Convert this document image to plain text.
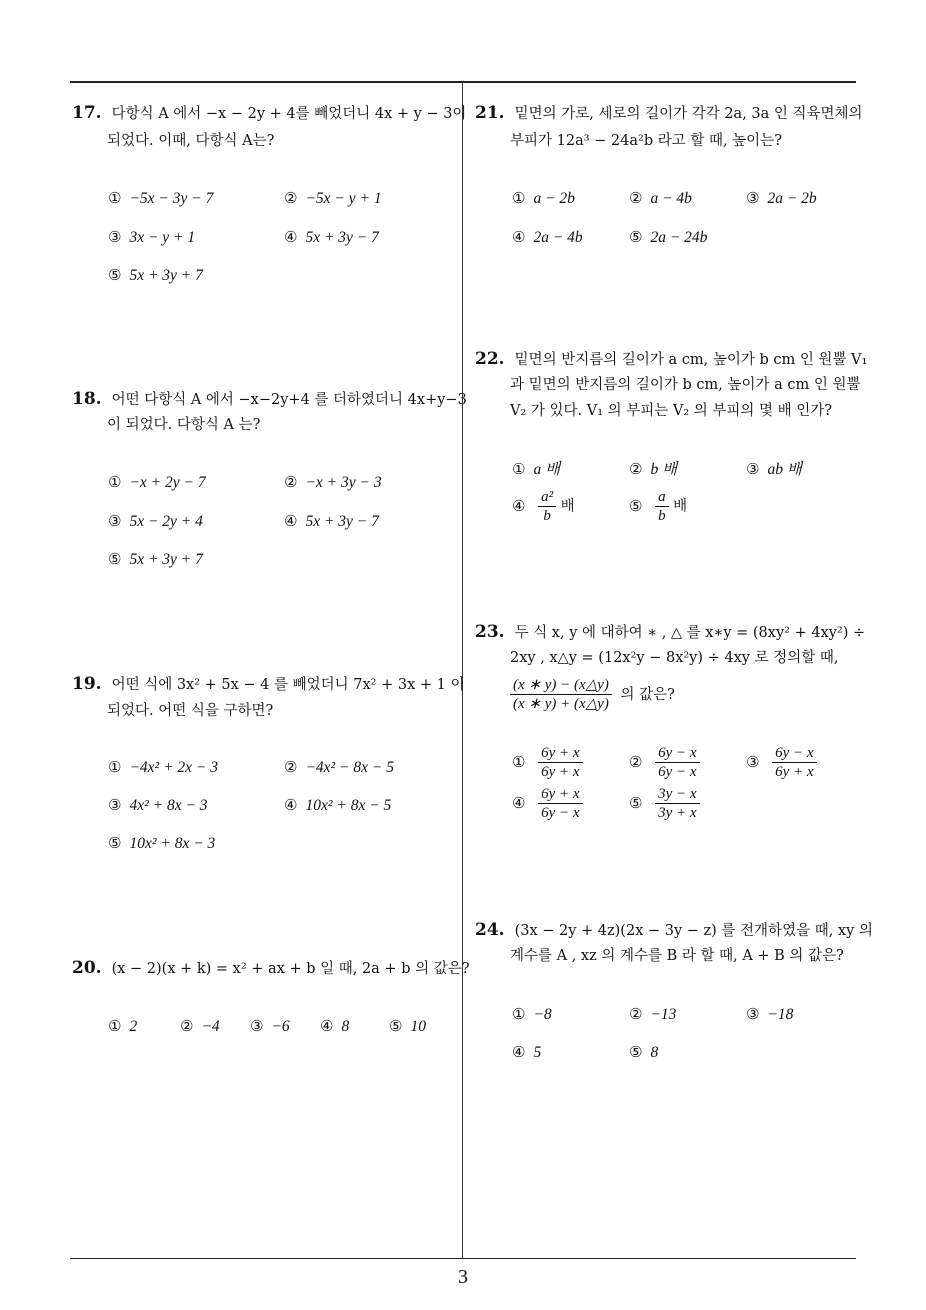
17. 다항식 A 에서 −x − 2y + 4를 빼었더니 4x + y − 3이
되었다. 이때, 다항식 A는?
① −5x − 3y − 7	② −5x − y + 1
③ 3x − y + 1	④ 5x + 3y − 7
⑤ 5x + 3y + 7
18. 어떤 다항식 A 에서 −x−2y+4 를 더하였더니 4x+y−3
이 되었다. 다항식 A 는?
① −x + 2y − 7	② −x + 3y − 3
③ 5x − 2y + 4	④ 5x + 3y − 7
⑤ 5x + 3y + 7
19. 어떤 식에 3x² + 5x − 4 를 빼었더니 7x² + 3x + 1 이
되었다. 어떤 식을 구하면?
① −4x² + 2x − 3	② −4x² − 8x − 5
③ 4x² + 8x − 3	④ 10x² + 8x − 5
⑤ 10x² + 8x − 3
20. (x − 2)(x + k) = x² + ax + b 일 때, 2a + b 의 값은?
① 2	② −4 ③ −6 ④ 8	⑤ 10
21. 밑면의 가로, 세로의 길이가 각각 2a, 3a 인 직육면체의
부피가 12a³ − 24a²b 라고 할 때, 높이는?
① a − 2b	② a − 4b	③ 2a − 2b
④ 2a − 4b	⑤ 2a − 24b
22. 밑면의 반지름의 길이가 a cm, 높이가 b cm 인 원뿔 V₁
과 밑면의 반지름의 길이가 b cm, 높이가 a cm 인 원뿔
V₂ 가 있다. V₁ 의 부피는 V₂ 의 부피의 몇 배 인가?
① a 배	② b 배	③ ab 배
④ $\frac{\text{a²}}{b}$ 배	⑤ $\frac{a}{b}$ 배
23. 두 식 x, y 에 대하여 ∗ , △ 를 x∗y = (8xy² + 4xy²) ÷
2xy , x△y = (12x²y − 8x²y) ÷ 4xy 로 정의할 때,
$\frac{(x ∗ y) - (x\triangle y)}{(x ∗ y) + (x\triangle y)}$ 의 값은?
① $\frac{6y + x}{6y + x}$	② $\frac{6y - x}{6y - x}$	③ $\frac{6y - x}{6y + x}$
④ $\frac{6y + x}{6y - x}$	⑤ $\frac{3y - x}{3y + x}$
24. (3x − 2y + 4z)(2x − 3y − z) 를 전개하였을 때, xy 의
계수를 A , xz 의 계수를 B 라 할 때, A + B 의 값은?
① −8	② −13	③ −18
④ 5	⑤ 8
3
